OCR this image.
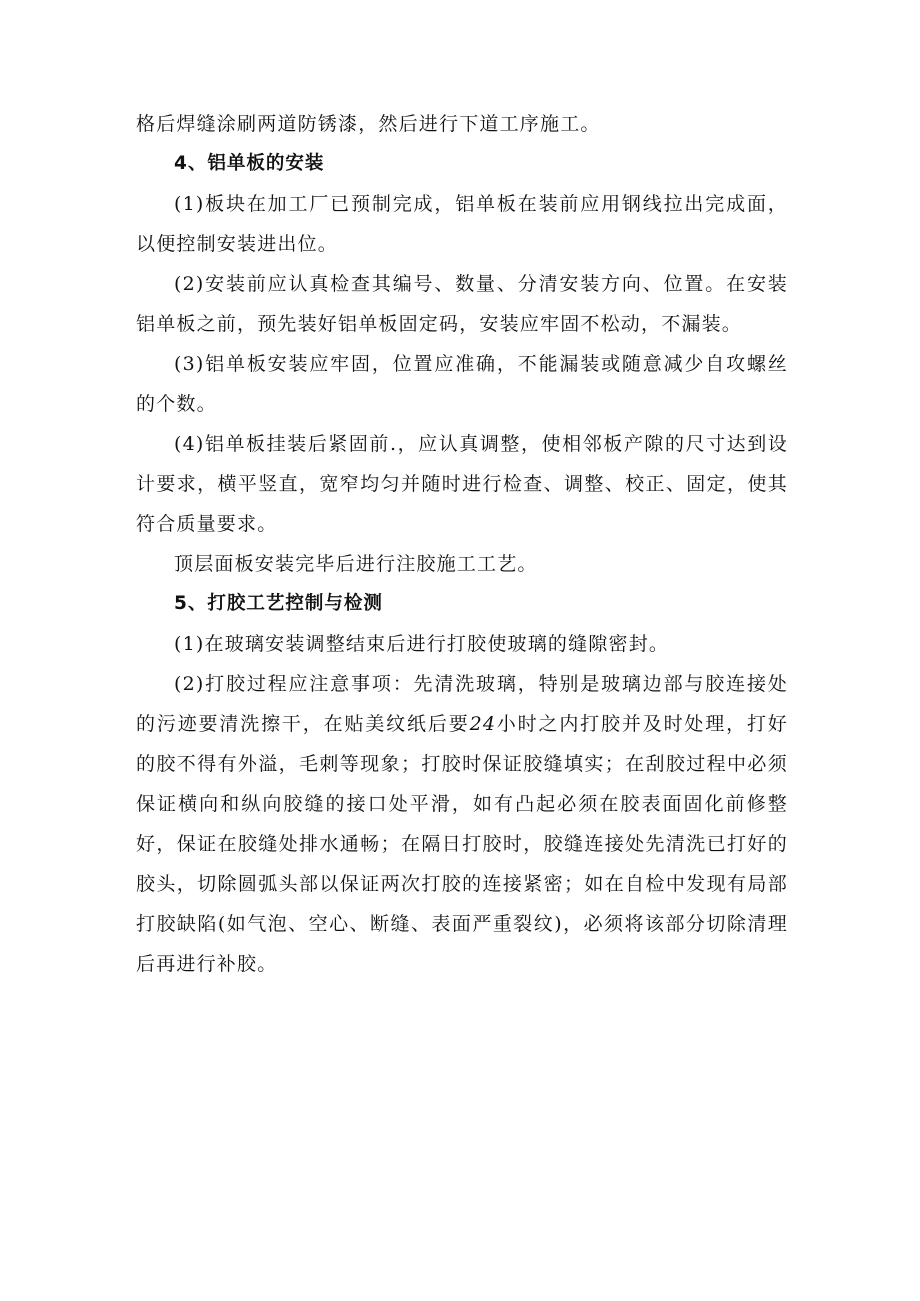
格后焊缝涂刷两道防锈漆，然后进行下道工序施工。

4、铝单板的安装

(1)板块在加工厂已预制完成，铝单板在装前应用钢线拉出完成面，以便控制安装进出位。

(2)安装前应认真检查其编号、数量、分清安装方向、位置。在安装铝单板之前，预先装好铝单板固定码，安装应牢固不松动，不漏装。

(3)铝单板安装应牢固，位置应准确，不能漏装或随意减少自攻螺丝的个数。

(4)铝单板挂装后紧固前.，应认真调整，使相邻板产隙的尺寸达到设计要求，横平竖直，宽窄均匀并随时进行检查、调整、校正、固定，使其符合质量要求。

顶层面板安装完毕后进行注胶施工工艺。

5、打胶工艺控制与检测

(1)在玻璃安装调整结束后进行打胶使玻璃的缝隙密封。

(2)打胶过程应注意事项：先清洗玻璃，特别是玻璃边部与胶连接处的污迹要清洗擦干，在贴美纹纸后要24小时之内打胶并及时处理，打好的胶不得有外溢，毛刺等现象；打胶时保证胶缝填实；在刮胶过程中必须保证横向和纵向胶缝的接口处平滑，如有凸起必须在胶表面固化前修整好，保证在胶缝处排水通畅；在隔日打胶时，胶缝连接处先清洗已打好的胶头，切除圆弧头部以保证两次打胶的连接紧密；如在自检中发现有局部打胶缺陷(如气泡、空心、断缝、表面严重裂纹)，必须将该部分切除清理后再进行补胶。
